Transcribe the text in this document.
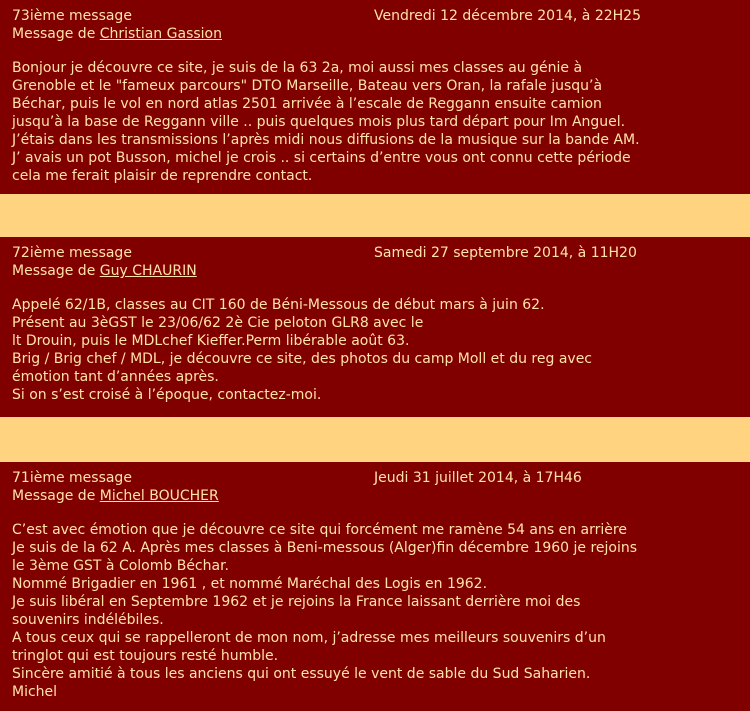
73ième message	Vendredi 12 décembre 2014, à 22H25
Message de Christian Gassion
Bonjour je découvre ce site, je suis de la 63 2a, moi aussi mes classes au génie à
Grenoble et le "fameux parcours" DTO Marseille, Bateau vers Oran, la rafale jusqu’à
Béchar, puis le vol en nord atlas 2501 arrivée à l’escale de Reggann ensuite camion
jusqu’à la base de Reggann ville .. puis quelques mois plus tard départ pour Im Anguel.
J’étais dans les transmissions l’après midi nous diffusions de la musique sur la bande AM.
J’ avais un pot Busson, michel je crois .. si certains d’entre vous ont connu cette période
cela me ferait plaisir de reprendre contact.
72ième message	Samedi 27 septembre 2014, à 11H20
Message de Guy CHAURIN
Appelé 62/1B, classes au CIT 160 de Béni-Messous de début mars à juin 62.
Présent au 3èGST le 23/06/62 2è Cie peloton GLR8 avec le
lt Drouin, puis le MDLchef Kieffer.Perm libérable août 63.
Brig / Brig chef / MDL, je découvre ce site, des photos du camp Moll et du reg avec
émotion tant d’années après.
Si on s’est croisé à l’époque, contactez-moi.
71ième message	Jeudi 31 juillet 2014, à 17H46
Message de Michel BOUCHER
C’est avec émotion que je découvre ce site qui forcément me ramène 54 ans en arrière
Je suis de la 62 A. Après mes classes à Beni-messous (Alger)fin décembre 1960 je rejoins
le 3ème GST à Colomb Béchar.
Nommé Brigadier en 1961 , et nommé Maréchal des Logis en 1962.
Je suis libéral en Septembre 1962 et je rejoins la France laissant derrière moi des
souvenirs indélébiles.
A tous ceux qui se rappelleront de mon nom, j’adresse mes meilleurs souvenirs d’un
tringlot qui est toujours resté humble.
Sincère amitié à tous les anciens qui ont essuyé le vent de sable du Sud Saharien.
Michel
